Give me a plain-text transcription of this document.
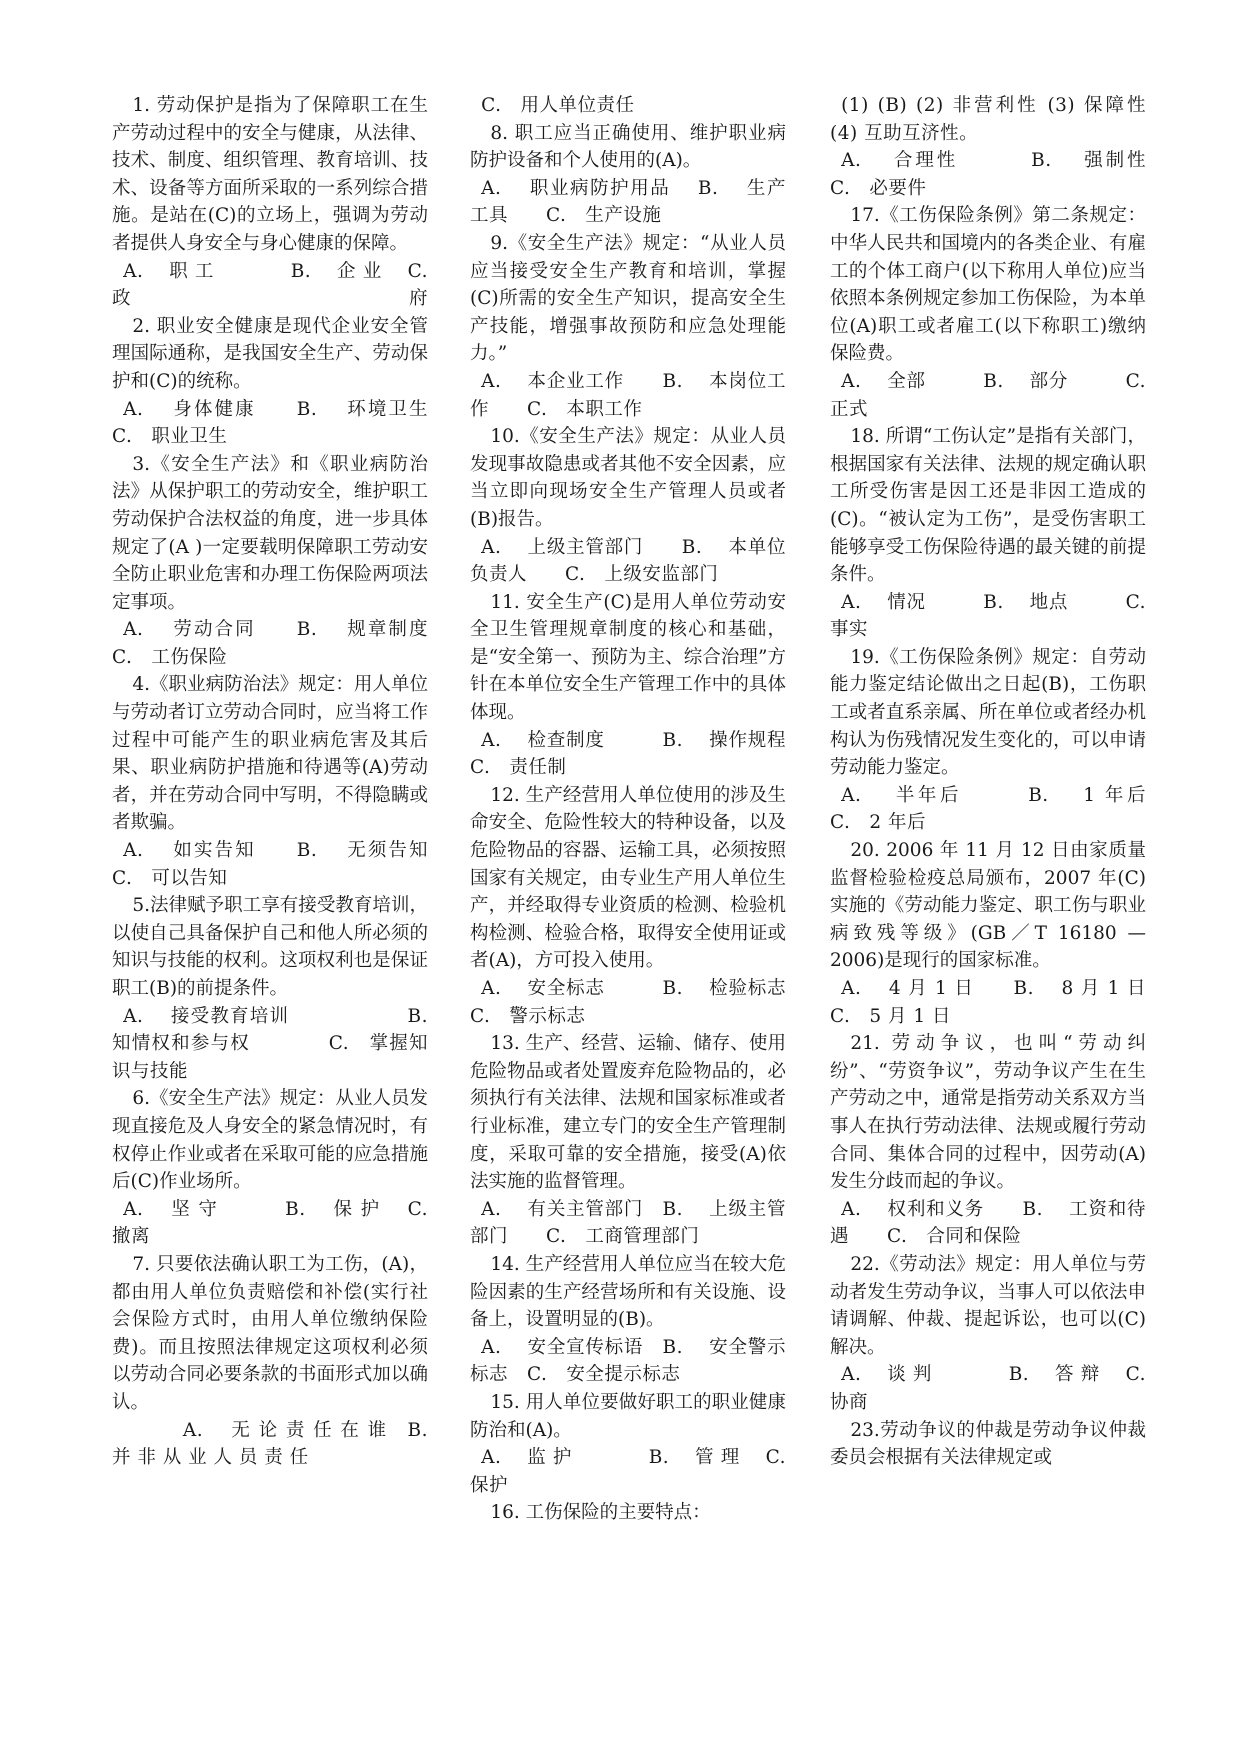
1. 劳动保护是指为了保障职工在生产劳动过程中的安全与健康，从法律、技术、制度、组织管理、教育培训、技术、设备等方面所采取的一系列综合措施。是站在(C)的立场上，强调为劳动者提供人身安全与身心健康的保障。

A.　 职 工　　　　B.　 企 业　 C.　政府

2. 职业安全健康是现代企业安全管理国际通称，是我国安全生产、劳动保护和(C)的统称。

A.　 身体健康　　B.　 环境卫生　　C.　职业卫生

3.《安全生产法》和《职业病防治法》从保护职工的劳动安全，维护职工劳动保护合法权益的角度，进一步具体规定了(A )一定要载明保障职工劳动安全防止职业危害和办理工伤保险两项法定事项。

A.　 劳动合同　　B.　 规章制度　　C.　工伤保险

4.《职业病防治法》规定：用人单位与劳动者订立劳动合同时，应当将工作过程中可能产生的职业病危害及其后果、职业病防护措施和待遇等(A)劳动者，并在劳动合同中写明，不得隐瞒或者欺骗。

A.　 如实告知　　B.　 无须告知　　C.　可以告知

5.法律赋予职工享有接受教育培训，以使自己具备保护自己和他人所必须的知识与技能的权利。这项权利也是保证职工(B)的前提条件。

A.　 接受教育培训　　　　　　B. 知情权和参与权　　　　C.　掌握知识与技能

6.《安全生产法》规定：从业人员发现直接危及人身安全的紧急情况时，有权停止作业或者在采取可能的应急措施后(C)作业场所。

A.　 坚 守　　　 B.　 保 护　 C.　撤离

7. 只要依法确认职工为工伤，(A)，都由用人单位负责赔偿和补偿(实行社会保险方式时，由用人单位缴纳保险费)。而且按照法律规定这项权利必须以劳动合同必要条款的书面形式加以确认。

　　　A.　 无 论 责 任 在 谁　B.　 并 非 从 业 人 员 责 任

C.　用人单位责任

8. 职工应当正确使用、维护职业病防护设备和个人使用的(A)。

A.　 职业病防护用品　 B.　 生产工具　　C.　生产设施

9.《安全生产法》规定：“从业人员应当接受安全生产教育和培训，掌握(C)所需的安全生产知识，提高安全生产技能，增强事故预防和应急处理能力。”

A.　 本企业工作　　B.　 本岗位工作　　C.　本职工作

10.《安全生产法》规定：从业人员发现事故隐患或者其他不安全因素，应当立即向现场安全生产管理人员或者(B)报告。

A.　 上级主管部门　　B.　 本单位负责人　　C.　上级安监部门

11. 安全生产(C)是用人单位劳动安全卫生管理规章制度的核心和基础，是“安全第一、预防为主、综合治理”方针在本单位安全生产管理工作中的具体体现。

A.　 检查制度　　　B.　 操作规程　　C.　责任制

12. 生产经营用人单位使用的涉及生命安全、危险性较大的特种设备，以及危险物品的容器、运输工具，必须按照国家有关规定，由专业生产用人单位生产，并经取得专业资质的检测、检验机构检测、检验合格，取得安全使用证或者(A)，方可投入使用。

A.　 安全标志　　　B.　 检验标志　　C.　警示标志

13. 生产、经营、运输、储存、使用危险物品或者处置废弃危险物品的，必须执行有关法律、法规和国家标准或者行业标准，建立专门的安全生产管理制度，采取可靠的安全措施，接受(A)依法实施的监督管理。

A.　 有关主管部门　B.　 上级主管部门　　C.　工商管理部门

14. 生产经营用人单位应当在较大危险因素的生产经营场所和有关设施、设备上，设置明显的(B)。

A.　 安全宣传标语　B.　 安全警示标志　C.　安全提示标志

15. 用人单位要做好职工的职业健康防治和(A)。

A.　 监 护　　　　B.　 管 理　 C.　保护

16. 工伤保险的主要特点：

(1) (B) (2) 非营利性 (3) 保障性 (4) 互助互济性。

A.　 合理性　　　 B.　 强制性　 C.　必要件

17.《工伤保险条例》第二条规定：中华人民共和国境内的各类企业、有雇工的个体工商户(以下称用人单位)应当依照本条例规定参加工伤保险，为本单位(A)职工或者雇工(以下称职工)缴纳保险费。

A.　 全部　　　B.　 部分　　　C.　正式

18. 所谓“工伤认定”是指有关部门，根据国家有关法律、法规的规定确认职工所受伤害是因工还是非因工造成的(C)。“被认定为工伤”，是受伤害职工能够享受工伤保险待遇的最关键的前提条件。

A.　 情况　　　B.　 地点　　　C.　事实

19.《工伤保险条例》规定：自劳动能力鉴定结论做出之日起(B)，工伤职工或者直系亲属、所在单位或者经办机构认为伤残情况发生变化的，可以申请劳动能力鉴定。

A.　 半年后　　　B.　 1 年后　 C.　2 年后

20. 2006 年 11 月 12 日由家质量监督检验检疫总局颁布，2007 年(C)实施的《劳动能力鉴定、职工伤与职业病致残等级》(GB／T 16180 — 2006)是现行的国家标准。

A.　 4 月 1 日　　B.　 8 月 1 日　 C.　5 月 1 日

21. 劳动争议，也叫“劳动纠纷”、“劳资争议”，劳动争议产生在生产劳动之中，通常是指劳动关系双方当事人在执行劳动法律、法规或履行劳动合同、集体合同的过程中，因劳动(A)发生分歧而起的争议。

A.　 权利和义务　　B.　 工资和待遇　　C.　合同和保险

22.《劳动法》规定：用人单位与劳动者发生劳动争议，当事人可以依法申请调解、仲裁、提起诉讼，也可以(C)解决。

A.　 谈 判　　　　B.　 答 辩　 C.　协商

23.劳动争议的仲裁是劳动争议仲裁委员会根据有关法律规定或
